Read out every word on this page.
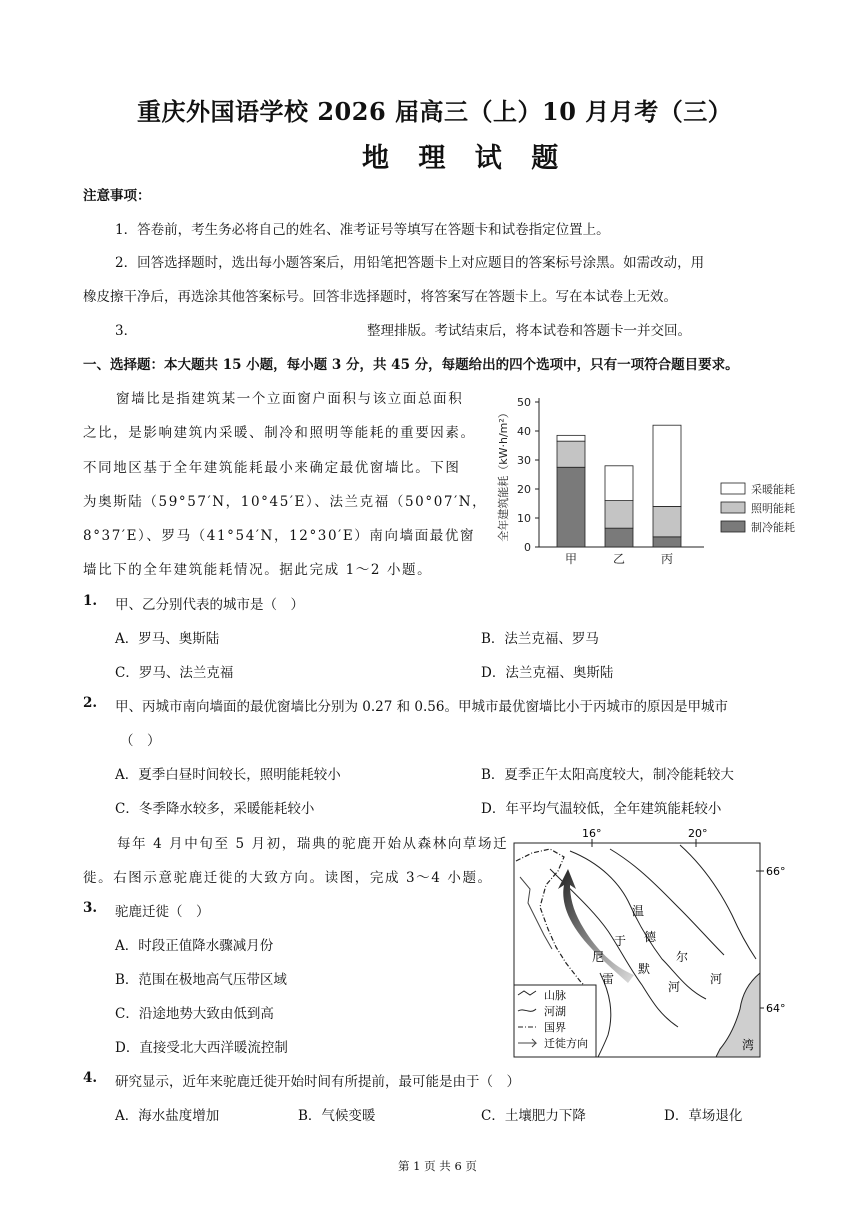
重庆外国语学校 2026 届高三（上）10 月月考（三）
地 理 试 题
注意事项：
1．答卷前，考生务必将自己的姓名、准考证号等填写在答题卡和试卷指定位置上。
2．回答选择题时，选出每小题答案后，用铅笔把答题卡上对应题目的答案标号涂黑。如需改动，用
橡皮擦干净后，再选涂其他答案标号。回答非选择题时，将答案写在答题卡上。写在本试卷上无效。
3．	整理排版。考试结束后，将本试卷和答题卡一并交回。
一、选择题：本大题共 15 小题，每小题 3 分，共 45 分，每题给出的四个选项中，只有一项符合题目要求。
窗墙比是指建筑某一个立面窗户面积与该立面总面积
之比，是影响建筑内采暖、制冷和照明等能耗的重要因素。
不同地区基于全年建筑能耗最小来确定最优窗墙比。下图
为奥斯陆（59°57′N，10°45′E）、法兰克福（50°07′N，
8°37′E）、罗马（41°54′N，12°30′E）南向墙面最优窗
墙比下的全年建筑能耗情况。据此完成 1～2 小题。
0
10
20
30
40
50
全年建筑能耗（kW·h/m²）
甲	乙	丙
采暖能耗
照明能耗
制冷能耗
1. 甲、乙分别代表的城市是（　）
A．罗马、奥斯陆	B．法兰克福、罗马
C．罗马、法兰克福	D．法兰克福、奥斯陆
2. 甲、丙城市南向墙面的最优窗墙比分别为 0.27 和 0.56。甲城市最优窗墙比小于丙城市的原因是甲城市
（　）
A．夏季白昼时间较长，照明能耗较小	B．夏季正午太阳高度较大，制冷能耗较大
C．冬季降水较多，采暖能耗较小	D．年平均气温较低，全年建筑能耗较小
每年 4 月中旬至 5 月初，瑞典的驼鹿开始从森林向草场迁
徙。右图示意驼鹿迁徙的大致方向。读图，完成 3～4 小题。
16°	20°
66°
64°
温
德
尔
河
于
默
河
尼
雷
湾
山脉
河湖
国界
迁徙方向
3. 驼鹿迁徙（　）
A．时段正值降水骤减月份
B．范围在极地高气压带区域
C．沿途地势大致由低到高
D．直接受北大西洋暖流控制
4. 研究显示，近年来驼鹿迁徙开始时间有所提前，最可能是由于（　）
A．海水盐度增加	B．气候变暖	C．土壤肥力下降	D．草场退化
第 1 页 共 6 页
